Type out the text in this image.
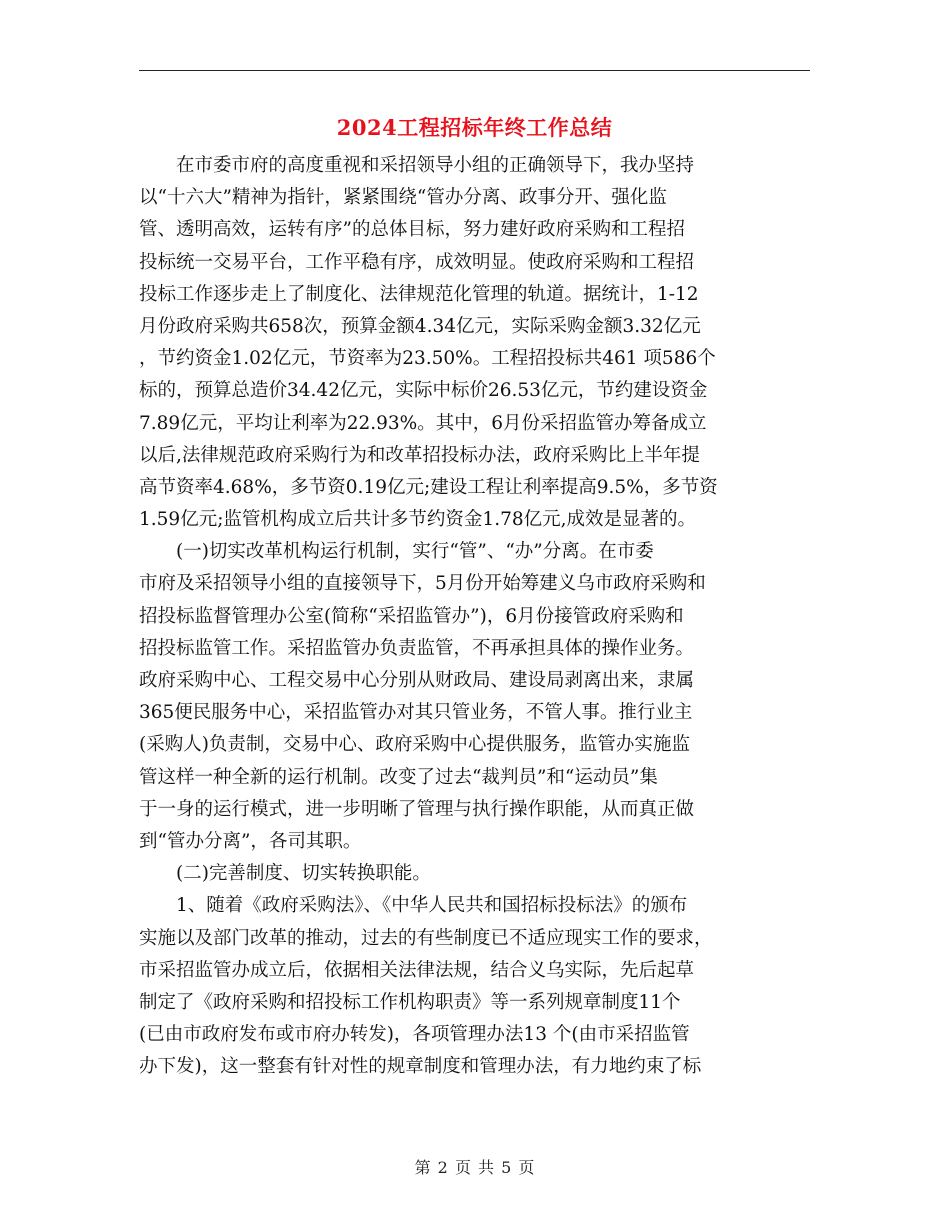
2024工程招标年终工作总结
　　在市委市府的高度重视和采招领导小组的正确领导下，我办坚持
以“十六大”精神为指针，紧紧围绕“管办分离、政事分开、强化监
管、透明高效，运转有序”的总体目标，努力建好政府采购和工程招
投标统一交易平台，工作平稳有序，成效明显。使政府采购和工程招
投标工作逐步走上了制度化、法律规范化管理的轨道。据统计，1-12
月份政府采购共658次，预算金额4.34亿元，实际采购金额3.32亿元
，节约资金1.02亿元，节资率为23.50%。工程招投标共461 项586个
标的，预算总造价34.42亿元，实际中标价26.53亿元，节约建设资金
7.89亿元，平均让利率为22.93%。其中，6月份采招监管办筹备成立
以后,法律规范政府采购行为和改革招投标办法，政府采购比上半年提
高节资率4.68%，多节资0.19亿元;建设工程让利率提高9.5%，多节资
1.59亿元;监管机构成立后共计多节约资金1.78亿元,成效是显著的。
　　(一)切实改革机构运行机制，实行“管”、“办”分离。在市委
市府及采招领导小组的直接领导下，5月份开始筹建义乌市政府采购和
招投标监督管理办公室(简称“采招监管办”)，6月份接管政府采购和
招投标监管工作。采招监管办负责监管，不再承担具体的操作业务。
政府采购中心、工程交易中心分别从财政局、建设局剥离出来，隶属
365便民服务中心，采招监管办对其只管业务，不管人事。推行业主
(采购人)负责制，交易中心、政府采购中心提供服务，监管办实施监
管这样一种全新的运行机制。改变了过去“裁判员”和“运动员”集
于一身的运行模式，进一步明晰了管理与执行操作职能，从而真正做
到“管办分离”，各司其职。
　　(二)完善制度、切实转换职能。
　　1、随着《政府采购法》、《中华人民共和国招标投标法》的颁布
实施以及部门改革的推动，过去的有些制度已不适应现实工作的要求，
市采招监管办成立后，依据相关法律法规，结合义乌实际，先后起草
制定了《政府采购和招投标工作机构职责》等一系列规章制度11个
(已由市政府发布或市府办转发)，各项管理办法13 个(由市采招监管
办下发)，这一整套有针对性的规章制度和管理办法，有力地约束了标
第 2 页 共 5 页
